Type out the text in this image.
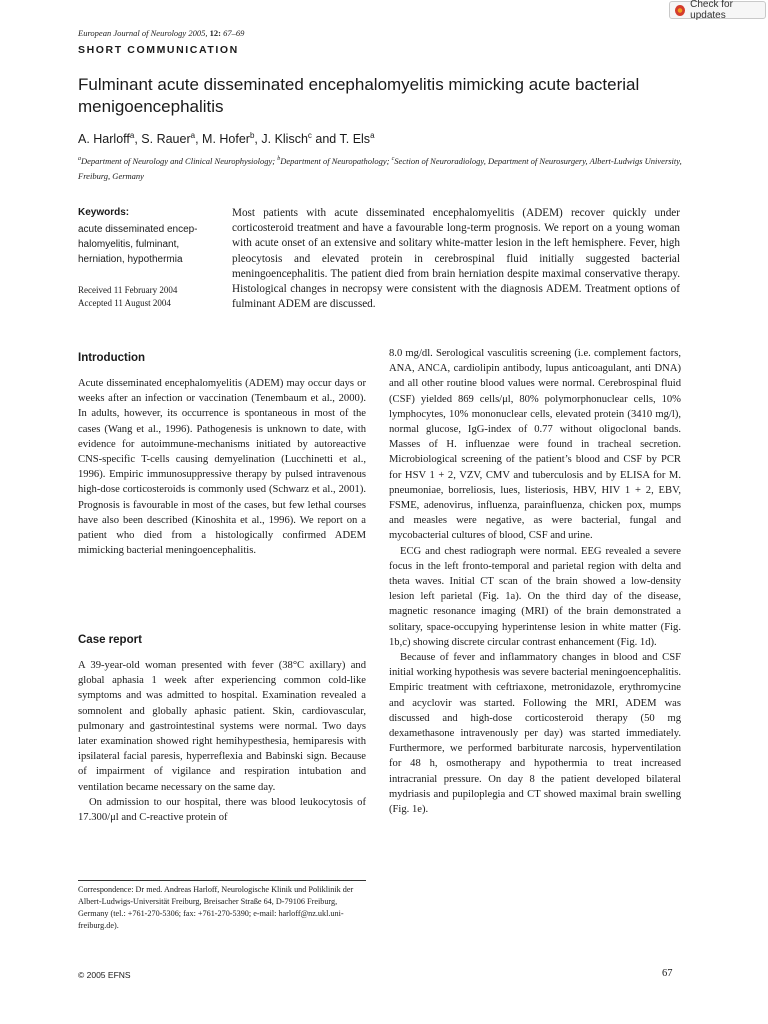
Check for updates
European Journal of Neurology 2005, 12: 67–69
SHORT COMMUNICATION
Fulminant acute disseminated encephalomyelitis mimicking acute bacterial menigoencephalitis
A. Harloff$^a$, S. Rauer$^a$, M. Hofer$^b$, J. Klisch$^c$ and T. Els$^a$
$^a$Department of Neurology and Clinical Neurophysiology; $^b$Department of Neuropathology; $^c$Section of Neuroradiology, Department of Neurosurgery, Albert-Ludwigs University, Freiburg, Germany
Keywords:
acute disseminated encep-
halomyelitis, fulminant,
herniation, hypothermia
Received 11 February 2004
Accepted 11 August 2004
Most patients with acute disseminated encephalomyelitis (ADEM) recover quickly under corticosteroid treatment and have a favourable long-term prognosis. We report on a young woman with acute onset of an extensive and solitary white-matter lesion in the left hemisphere. Fever, high pleocytosis and elevated protein in cerebrospinal fluid initially suggested bacterial meningoencephalitis. The patient died from brain herniation despite maximal conservative therapy. Histological changes in necropsy were consistent with the diagnosis ADEM. Treatment options of fulminant ADEM are discussed.
Introduction

Acute disseminated encephalomyelitis (ADEM) may occur days or weeks after an infection or vaccination (Tenembaum et al., 2000). In adults, however, its occurrence is spontaneous in most of the cases (Wang et al., 1996). Pathogenesis is unknown to date, with evidence for autoimmune-mechanisms initiated by autoreactive CNS-specific T-cells causing demyelination (Lucchinetti et al., 1996). Empiric immunosuppressive therapy by pulsed intravenous high-dose corticosteroids is commonly used (Schwarz et al., 2001). Prognosis is favourable in most of the cases, but few lethal courses have also been described (Kinoshita et al., 1996). We report on a patient who died from a histologically confirmed ADEM mimicking bacterial meningoencephalitis.

Case report

A 39-year-old woman presented with fever (38°C axillary) and global aphasia 1 week after experiencing common cold-like symptoms and was admitted to hospital. Examination revealed a somnolent and globally aphasic patient. Skin, cardiovascular, pulmonary and gastrointestinal systems were normal. Two days later examination showed right hemihypesthesia, hemiparesis with ipsilateral facial paresis, hyperreflexia and Babinski sign. Because of impairment of vigilance and respiration intubation and ventilation became necessary on the same day.

On admission to our hospital, there was blood leukocytosis of 17.300/μl and C-reactive protein of

8.0 mg/dl. Serological vasculitis screening (i.e. complement factors, ANA, ANCA, cardiolipin antibody, lupus anticoagulant, anti DNA) and all other routine blood values were normal. Cerebrospinal fluid (CSF) yielded 869 cells/μl, 80% polymorphonuclear cells, 10% lymphocytes, 10% mononuclear cells, elevated protein (3410 mg/l), normal glucose, IgG-index of 0.77 without oligoclonal bands. Masses of H. influenzae were found in tracheal secretion. Microbiological screening of the patient’s blood and CSF by PCR for HSV 1 + 2, VZV, CMV and tuberculosis and by ELISA for M. pneumoniae, borreliosis, lues, listeriosis, HBV, HIV 1 + 2, EBV, FSME, adenovirus, influenza, parainfluenza, chicken pox, mumps and measles were negative, as were bacterial, fungal and mycobacterial cultures of blood, CSF and urine.

ECG and chest radiograph were normal. EEG revealed a severe focus in the left fronto-temporal and parietal region with delta and theta waves. Initial CT scan of the brain showed a low-density lesion left parietal (Fig. 1a). On the third day of the disease, magnetic resonance imaging (MRI) of the brain demonstrated a solitary, space-occupying hyperintense lesion in white matter (Fig. 1b,c) showing discrete circular contrast enhancement (Fig. 1d).

Because of fever and inflammatory changes in blood and CSF initial working hypothesis was severe bacterial meningoencephalitis. Empiric treatment with ceftriaxone, metronidazole, erythromycine and acyclovir was started. Following the MRI, ADEM was discussed and high-dose corticosteroid therapy (50 mg dexamethasone intravenously per day) was started immediately. Furthermore, we performed barbiturate narcosis, hyperventilation for 48 h, osmotherapy and hypothermia to treat increased intracranial pressure. On day 8 the patient developed bilateral mydriasis and pupiloplegia and CT showed maximal brain swelling (Fig. 1e).

Correspondence: Dr med. Andreas Harloff, Neurologische Klinik und Poliklinik der Albert-Ludwigs-Universität Freiburg, Breisacher Straße 64, D-79106 Freiburg, Germany (tel.: +761-270-5306; fax: +761-270-5390; e-mail: harloff@nz.ukl.uni-freiburg.de).
© 2005 EFNS	67
